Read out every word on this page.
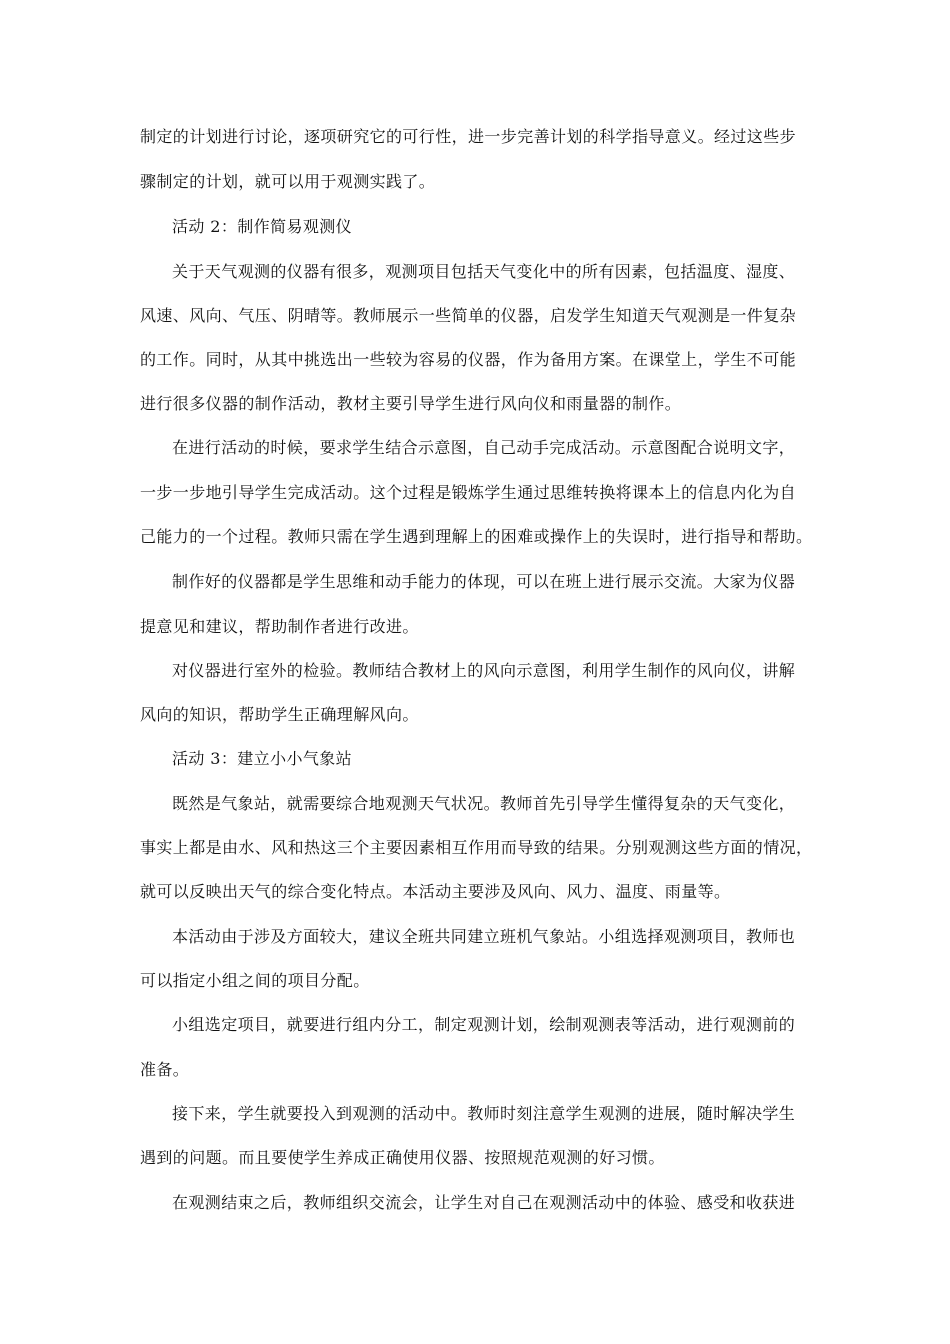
制定的计划进行讨论，逐项研究它的可行性，进一步完善计划的科学指导意义。经过这些步
骤制定的计划，就可以用于观测实践了。
活动 2：制作简易观测仪
关于天气观测的仪器有很多，观测项目包括天气变化中的所有因素，包括温度、湿度、
风速、风向、气压、阴晴等。教师展示一些简单的仪器，启发学生知道天气观测是一件复杂
的工作。同时，从其中挑选出一些较为容易的仪器，作为备用方案。在课堂上，学生不可能
进行很多仪器的制作活动，教材主要引导学生进行风向仪和雨量器的制作。
在进行活动的时候，要求学生结合示意图，自己动手完成活动。示意图配合说明文字，
一步一步地引导学生完成活动。这个过程是锻炼学生通过思维转换将课本上的信息内化为自
己能力的一个过程。教师只需在学生遇到理解上的困难或操作上的失误时，进行指导和帮助。
制作好的仪器都是学生思维和动手能力的体现，可以在班上进行展示交流。大家为仪器
提意见和建议，帮助制作者进行改进。
对仪器进行室外的检验。教师结合教材上的风向示意图，利用学生制作的风向仪，讲解
风向的知识，帮助学生正确理解风向。
活动 3：建立小小气象站
既然是气象站，就需要综合地观测天气状况。教师首先引导学生懂得复杂的天气变化，
事实上都是由水、风和热这三个主要因素相互作用而导致的结果。分别观测这些方面的情况，
就可以反映出天气的综合变化特点。本活动主要涉及风向、风力、温度、雨量等。
本活动由于涉及方面较大，建议全班共同建立班机气象站。小组选择观测项目，教师也
可以指定小组之间的项目分配。
小组选定项目，就要进行组内分工，制定观测计划，绘制观测表等活动，进行观测前的
准备。
接下来，学生就要投入到观测的活动中。教师时刻注意学生观测的进展，随时解决学生
遇到的问题。而且要使学生养成正确使用仪器、按照规范观测的好习惯。
在观测结束之后，教师组织交流会，让学生对自己在观测活动中的体验、感受和收获进
